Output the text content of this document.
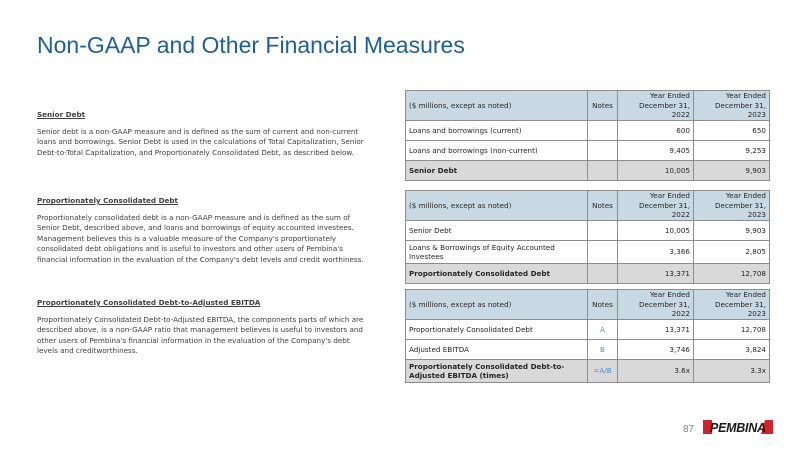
Non-GAAP and Other Financial Measures
Senior Debt

Senior debt is a non-GAAP measure and is defined as the sum of current and non-current loans and borrowings. Senior Debt is used in the calculations of Total Capitalization, Senior Debt-to-Total Capitalization, and Proportionately Consolidated Debt, as described below.

Proportionately Consolidated Debt

Proportionately consolidated debt is a non-GAAP measure and is defined as the sum of Senior Debt, described above, and loans and borrowings of equity accounted investees. Management believes this is a valuable measure of the Company's proportionately consolidated debt obligations and is useful to investors and other users of Pembina's financial information in the evaluation of the Company's debt levels and credit worthiness.

Proportionately Consolidated Debt-to-Adjusted EBITDA

Proportionately Consolidated Debt-to-Adjusted EBITDA, the components parts of which are described above, is a non-GAAP ratio that management believes is useful to investors and other users of Pembina's financial information in the evaluation of the Company's debt levels and creditworthiness.

($ millions, except as noted)	Notes	Year Ended December 31, 2022	Year Ended December 31, 2023
Loans and borrowings (current)		600	650
Loans and borrowings (non-current)		9,405	9,253
Senior Debt		10,005	9,903
($ millions, except as noted)	Notes	Year Ended December 31, 2022	Year Ended December 31, 2023
Senior Debt		10,005	9,903
Loans & Borrowings of Equity Accounted Investees		3,366	2,805
Proportionately Consolidated Debt		13,371	12,708
($ millions, except as noted)	Notes	Year Ended December 31, 2022	Year Ended December 31, 2023
Proportionately Consolidated Debt	A	13,371	12,708
Adjusted EBITDA	B	3,746	3,824
Proportionately Consolidated Debt-to-Adjusted EBITDA (times)	=A/B	3.6x	3.3x
87 PEMBINA
